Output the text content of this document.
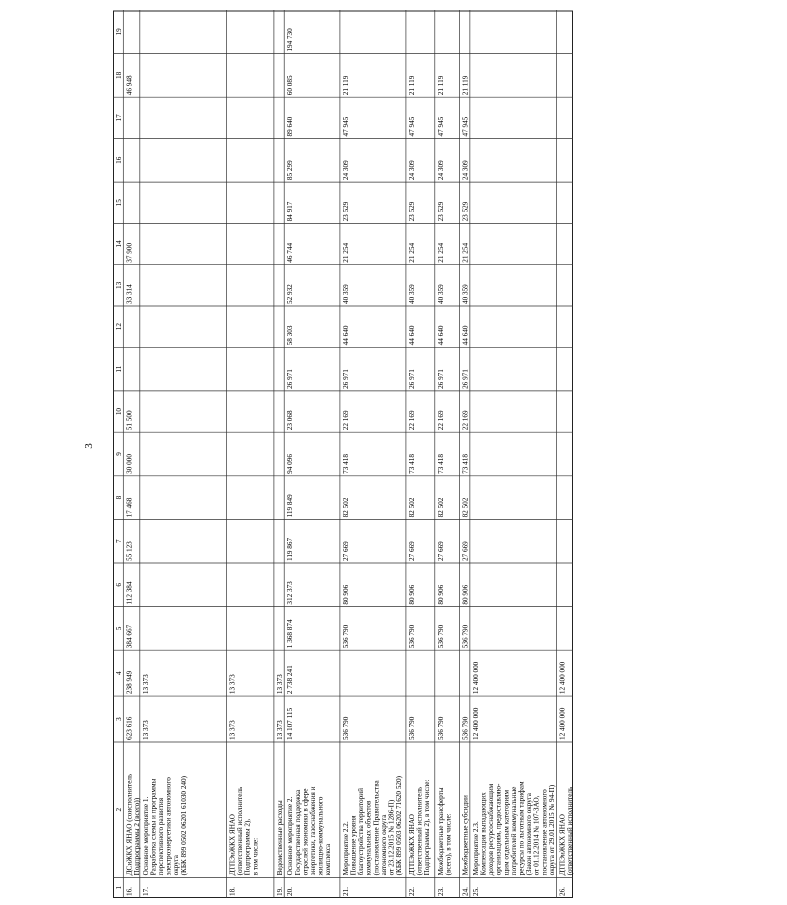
3
1
2
3
4
5
6
7
8
9
10
11
12
13
14
15
16
17
18
19
16.
ДСиЖКХ ЯНАО (соисполнитель Подпрограммы 2 (всего))
623 616
238 949
384 667
112 384
55 123
17 468
30 000
51 500
33 314
37 900
46 948
17.
Основное мероприятие 1. Разработка схемы и программы перспективного развития электроэнергетики автономного округа (КБК 899 0502 06201 61030 240)
13 373
13 373
18.
ДТПЭиЖКХ ЯНАО (ответственный исполнитель Подпрограммы 2), в том числе:
13 373
13 373
19.
Ведомственные расходы
13 373
13 373
20.
Основное мероприятие 2. Государственная поддержка отраслей экономики в сфере энергетики, газоснабжения и жилищно-коммунального комплекса
14 107 115
2 738 241
1 368 874
312 373
119 867
119 849
94 096
23 068
26 971
58 303
52 932
46 744
84 917
85 299
89 640
60 085
194 730
21.
Мероприятие 2.2. Повышение уровня благоустройства территорий коммунальных объектов (постановление Правительства автономного округа от 23.12.2015 № 1286-П) (КБК 899 0503 06202 71620 520)
536 790
536 790
80 906
27 669
82 502
73 418
22 169
26 971
44 640
40 359
21 254
23 529
24 309
47 945
21 119
22.
ДТПЭиЖКХ ЯНАО (ответственный исполнитель Подпрограммы 2), в том числе:
536 790
536 790
80 906
27 669
82 502
73 418
22 169
26 971
44 640
40 359
21 254
23 529
24 309
47 945
21 119
23.
Межбюджетные трансферты (всего), в том числе:
536 790
536 790
80 906
27 669
82 502
73 418
22 169
26 971
44 640
40 359
21 254
23 529
24 309
47 945
21 119
24.
Межбюджетные субсидии
536 790
536 790
80 906
27 669
82 502
73 418
22 169
26 971
44 640
40 359
21 254
23 529
24 309
47 945
21 119
25.
Мероприятие 2.3. Компенсация выпадающих доходов ресурсоснабжающим организациям, предоставляю- щим отдельным категориям потребителей коммунальные ресурсы по льготным тарифам (Закон автономного округа от 01.12.2014 № 107-ЗАО, постановление автономного округа от 29.01.2015 № 94-П)
12 400 000
12 400 000
26.
ДТПЭиЖКХ ЯНАО (ответственный исполнитель
12 400 000
12 400 000
